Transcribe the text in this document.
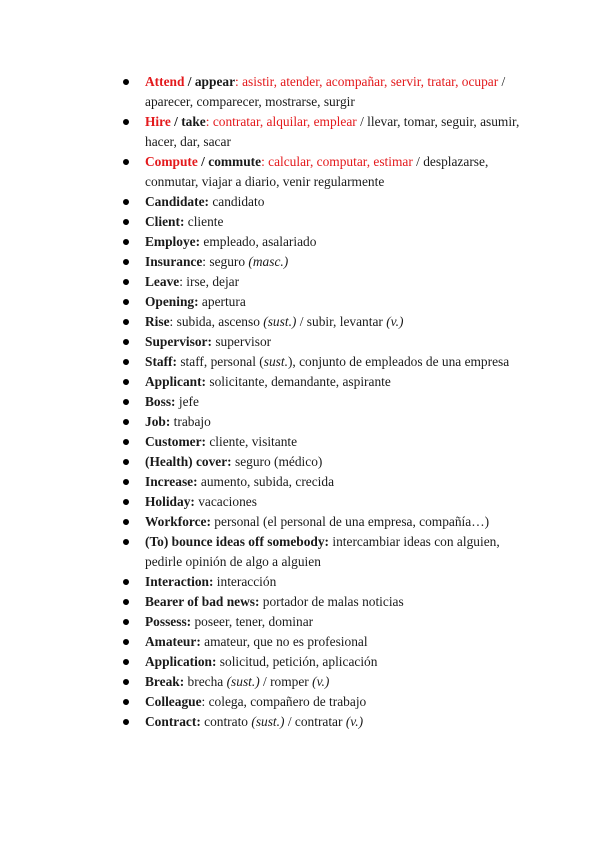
Attend / appear: asistir, atender, acompañar, servir, tratar, ocupar / aparecer, comparecer, mostrarse, surgir
Hire / take: contratar, alquilar, emplear / llevar, tomar, seguir, asumir, hacer, dar, sacar
Compute / commute: calcular, computar, estimar / desplazarse, conmutar, viajar a diario, venir regularmente
Candidate: candidato
Client: cliente
Employe: empleado, asalariado
Insurance: seguro (masc.)
Leave: irse, dejar
Opening: apertura
Rise: subida, ascenso (sust.) / subir, levantar (v.)
Supervisor: supervisor
Staff: staff, personal (sust.), conjunto de empleados de una empresa
Applicant: solicitante, demandante, aspirante
Boss: jefe
Job: trabajo
Customer: cliente, visitante
(Health) cover: seguro (médico)
Increase: aumento, subida, crecida
Holiday: vacaciones
Workforce: personal (el personal de una empresa, compañía…)
(To) bounce ideas off somebody: intercambiar ideas con alguien, pedirle opinión de algo a alguien
Interaction: interacción
Bearer of bad news: portador de malas noticias
Possess: poseer, tener, dominar
Amateur: amateur, que no es profesional
Application: solicitud, petición, aplicación
Break: brecha (sust.) / romper (v.)
Colleague: colega, compañero de trabajo
Contract: contrato (sust.) / contratar (v.)
